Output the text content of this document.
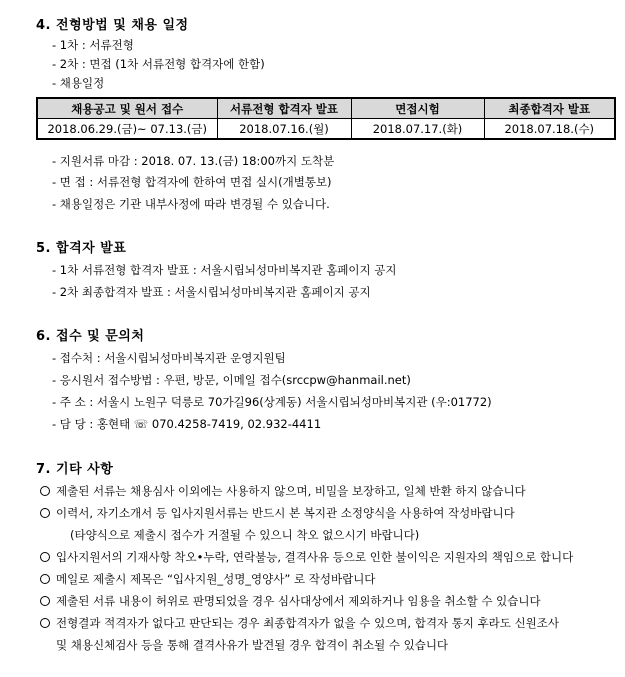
4. 전형방법 및 채용 일정
- 1차 : 서류전형
- 2차 : 면접 (1차 서류전형 합격자에 한함)
- 채용일정
채용공고 및 원서 접수	서류전형 합격자 발표	면접시험	최종합격자 발표
2018.06.29.(금)~ 07.13.(금)	2018.07.16.(월)	2018.07.17.(화)	2018.07.18.(수)
- 지원서류 마감 : 2018. 07. 13.(금) 18:00까지 도착분
- 면 접 : 서류전형 합격자에 한하여 면접 실시(개별통보)
- 채용일정은 기관 내부사정에 따라 변경될 수 있습니다.
5. 합격자 발표
- 1차 서류전형 합격자 발표 : 서울시립뇌성마비복지관 홈페이지 공지
- 2차 최종합격자 발표 : 서울시립뇌성마비복지관 홈페이지 공지
6. 접수 및 문의처
- 접수처 : 서울시립뇌성마비복지관 운영지원팀
- 응시원서 접수방법 : 우편, 방문, 이메일 접수(srccpw@hanmail.net)
- 주 소 : 서울시 노원구 덕릉로 70가길96(상계동) 서울시립뇌성마비복지관 (우:01772)
- 담 당 : 홍현태 ☏ 070.4258-7419, 02.932-4411
7. 기타 사항
제출된 서류는 채용심사 이외에는 사용하지 않으며, 비밀을 보장하고, 일체 반환 하지 않습니다
이력서, 자기소개서 등 입사지원서류는 반드시 본 복지관 소정양식을 사용하여 작성바랍니다
(타양식으로 제출시 접수가 거절될 수 있으니 착오 없으시기 바랍니다)
입사지원서의 기재사항 착오•누락, 연락불능, 결격사유 등으로 인한 불이익은 지원자의 책임으로 합니다
메일로 제출시 제목은 “입사지원_성명_영양사” 로 작성바랍니다
제출된 서류 내용이 허위로 판명되었을 경우 심사대상에서 제외하거나 임용을 취소할 수 있습니다
전형결과 적격자가 없다고 판단되는 경우 최종합격자가 없을 수 있으며, 합격자 통지 후라도 신원조사
및 채용신체검사 등을 통해 결격사유가 발견될 경우 합격이 취소될 수 있습니다
